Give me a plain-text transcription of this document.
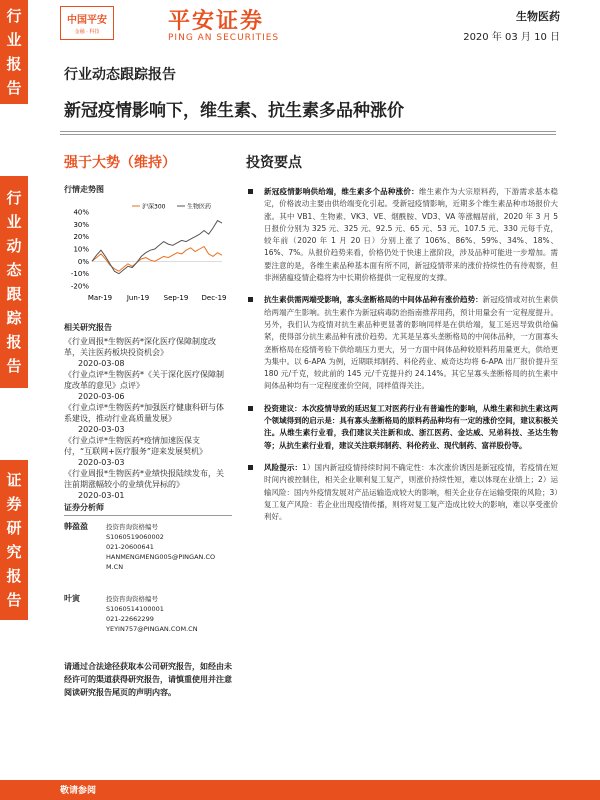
行
业
报
告
行
业
动
态
跟
踪
报
告
证
券
研
究
报
告
中国平安
金融 · 科技	平安证券
PING AN SECURITIES
生物医药
2020 年 03 月 10 日
行业动态跟踪报告
新冠疫情影响下，维生素、抗生素多品种涨价
强于大势（维持）	投资要点
行情走势图
40%
30%
20%
10%
0%
-10%
-20%
Mar-19 Jun-19 Sep-19 Dec-19
沪深300	生物医药
相关研究报告

《行业周报*生物医药*深化医疗保障制度改革，关注医药板块投资机会》

2020-03-08

《行业点评*生物医药*《关于深化医疗保障制度改革的意见》点评》

2020-03-06

《行业点评*生物医药*加强医疗健康科研与体系建设，推动行业高质量发展》

2020-03-03

《行业点评*生物医药*疫情加速医保支付，“互联网+医疗服务”迎来发展契机》

2020-03-03

《行业周报*生物医药*业绩快报陆续发布，关注前期涨幅较小的业绩优异标的》

2020-03-01

证券分析师
韩盈盈	投资咨询资格编号
S1060519060002
021-20600641
HANMENGMENG005@PINGAN.CO
M.CN
叶寅	投资咨询资格编号
S1060514100001
021-22662299
YEYIN757@PINGAN.COM.CN
请通过合法途径获取本公司研究报告，如经由未经许可的渠道获得研究报告，请慎重使用并注意阅读研究报告尾页的声明内容。
新冠疫情影响供给端，维生素多个品种涨价：维生素作为大宗原料药，下游需求基本稳定，价格波动主要由供给端变化引起。受新冠疫情影响，近期多个维生素品种市场报价大涨。其中 VB1、生物素、VK3、VE、烟酰胺、VD3、VA 等涨幅居前，2020 年 3 月 5 日报价分别为 325 元、325 元、92.5 元、65 元、53 元、107.5 元、330 元每千克，较年前（2020 年 1 月 20 日）分别上涨了 106%、86%、59%、34%、18%、16%、7%。从报价趋势来看，价格仍处于快速上涨阶段，涉及品种可能进一步增加。需要注意的是，各维生素品种基本面有所不同，新冠疫情带来的涨价持续性仍有待观察，但非洲猪瘟疫情企稳将为中长期价格提供一定程度的支撑。
抗生素供需两端受影响，寡头垄断格局的中间体品种有涨价趋势：新冠疫情或对抗生素供给两端产生影响。抗生素作为新冠病毒防治指南推荐用药，预计用量会有一定程度提升。另外，我们认为疫情对抗生素品种更显著的影响同样是在供给端，复工延迟导致供给偏紧，使得部分抗生素品种有涨价趋势。尤其是呈寡头垄断格局的中间体品种，一方面寡头垄断格局在疫情考验下供给端压力更大，另一方面中间体品种较原料药用量更大，供给更为集中。以 6-APA 为例，近期联邦制药、科伦药业、威奇达均将 6-APA 出厂报价提升至 180 元/千克，较此前的 145 元/千克提升约 24.14%。其它呈寡头垄断格局的抗生素中间体品种均有一定程度涨价空间，同样值得关注。
投资建议：本次疫情导致的延迟复工对医药行业有普遍性的影响，从维生素和抗生素这两个领域得到的启示是：具有寡头垄断格局的原料药品种均有一定的涨价空间，建议积极关注。从维生素行业看，我们建议关注新和成、浙江医药、金达威、兄弟科技、圣达生物等；从抗生素行业看，建议关注联邦制药、科伦药业、现代制药、富祥股份等。
风险提示：1）国内新冠疫情持续时间不确定性：本次涨价诱因是新冠疫情，若疫情在短时间内被控制住，相关企业顺利复工复产，则涨价持续性短，难以体现在业绩上；2）运输风险：国内外疫情发展对产品运输造成较大的影响，相关企业存在运输受限的风险；3）复工复产风险：若企业出现疫情传播，则将对复工复产造成比较大的影响，难以享受涨价利好。
敬请参阅
